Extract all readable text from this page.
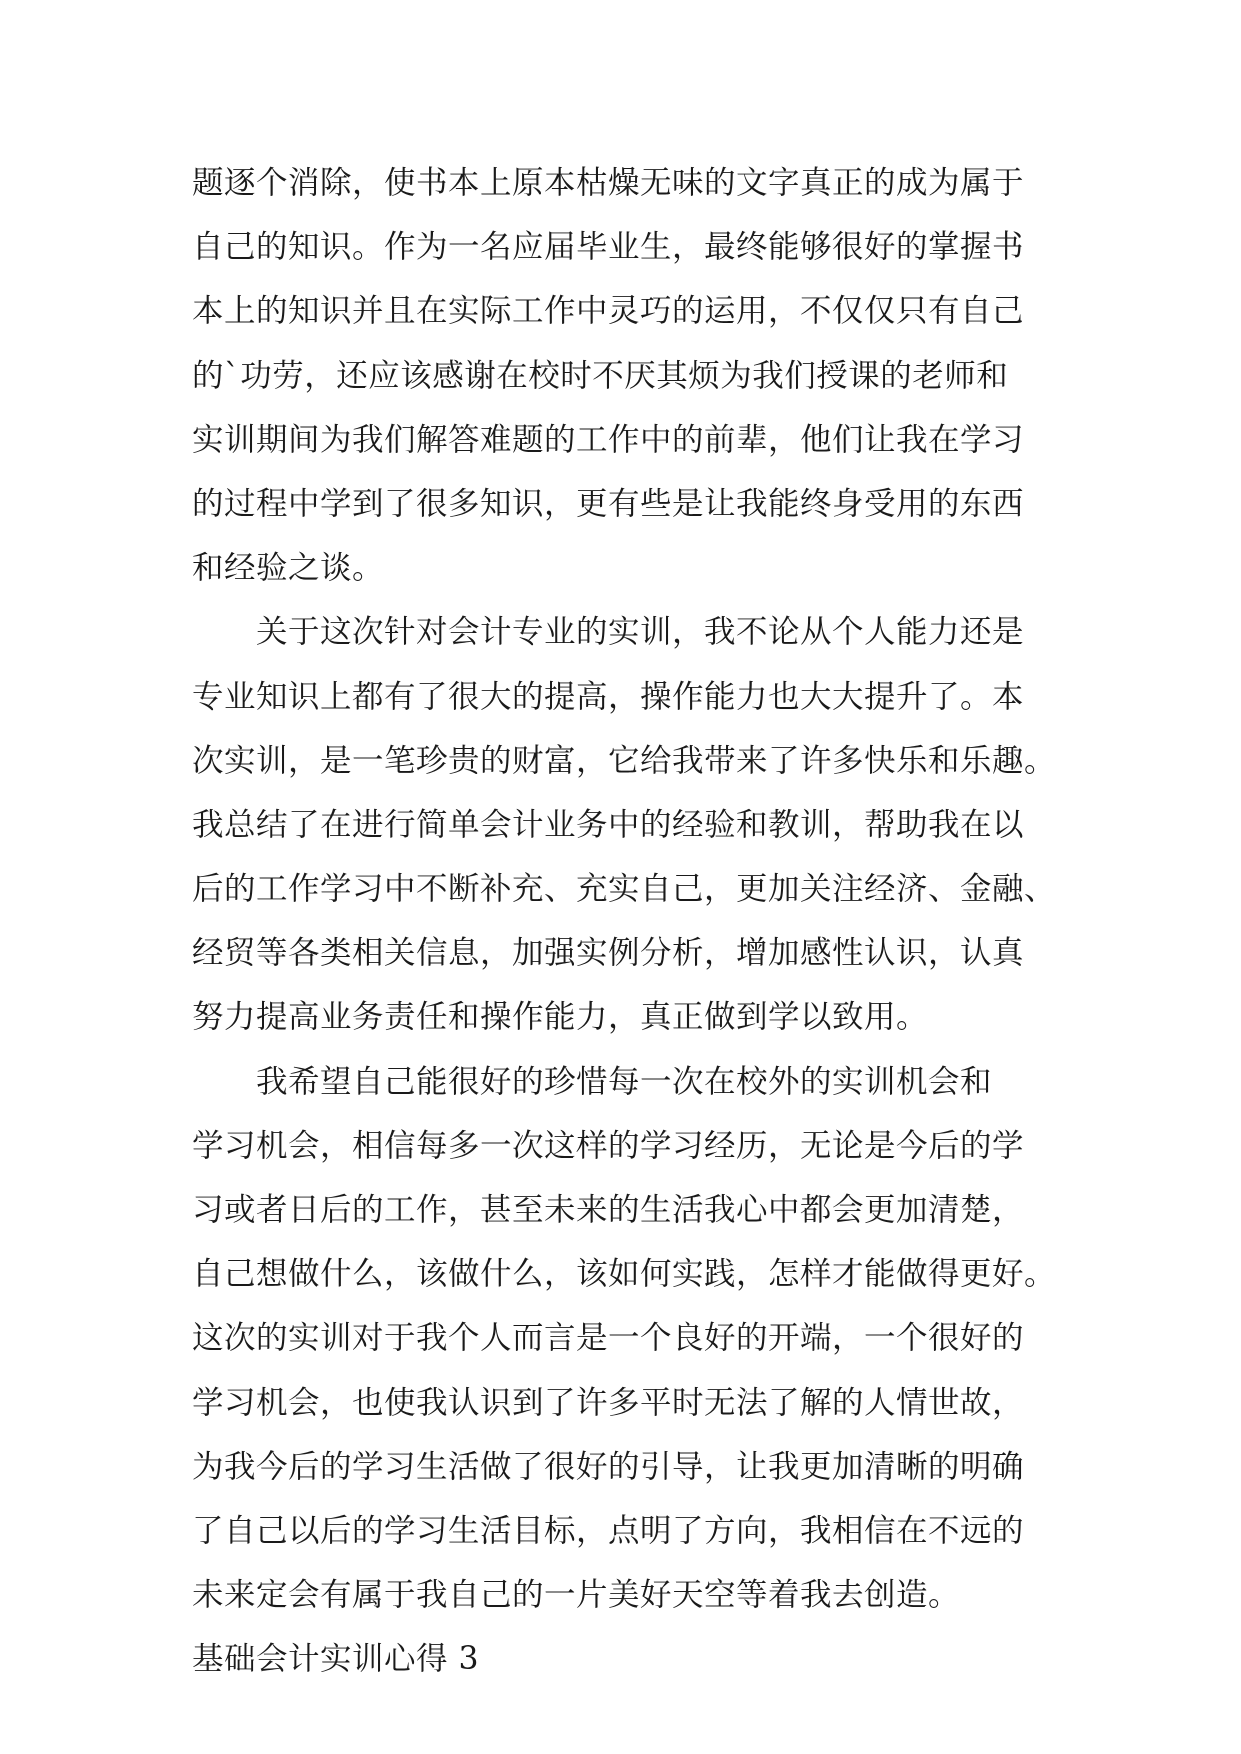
题逐个消除，使书本上原本枯燥无味的文字真正的成为属于
自己的知识。作为一名应届毕业生，最终能够很好的掌握书
本上的知识并且在实际工作中灵巧的运用，不仅仅只有自己
的`功劳，还应该感谢在校时不厌其烦为我们授课的老师和
实训期间为我们解答难题的工作中的前辈，他们让我在学习
的过程中学到了很多知识，更有些是让我能终身受用的东西
和经验之谈。
关于这次针对会计专业的实训，我不论从个人能力还是
专业知识上都有了很大的提高，操作能力也大大提升了。本
次实训，是一笔珍贵的财富，它给我带来了许多快乐和乐趣。
我总结了在进行简单会计业务中的经验和教训，帮助我在以
后的工作学习中不断补充、充实自己，更加关注经济、金融、
经贸等各类相关信息，加强实例分析，增加感性认识，认真
努力提高业务责任和操作能力，真正做到学以致用。
我希望自己能很好的珍惜每一次在校外的实训机会和
学习机会，相信每多一次这样的学习经历，无论是今后的学
习或者日后的工作，甚至未来的生活我心中都会更加清楚，
自己想做什么，该做什么，该如何实践，怎样才能做得更好。
这次的实训对于我个人而言是一个良好的开端，一个很好的
学习机会，也使我认识到了许多平时无法了解的人情世故，
为我今后的学习生活做了很好的引导，让我更加清晰的明确
了自己以后的学习生活目标，点明了方向，我相信在不远的
未来定会有属于我自己的一片美好天空等着我去创造。
基础会计实训心得 3
